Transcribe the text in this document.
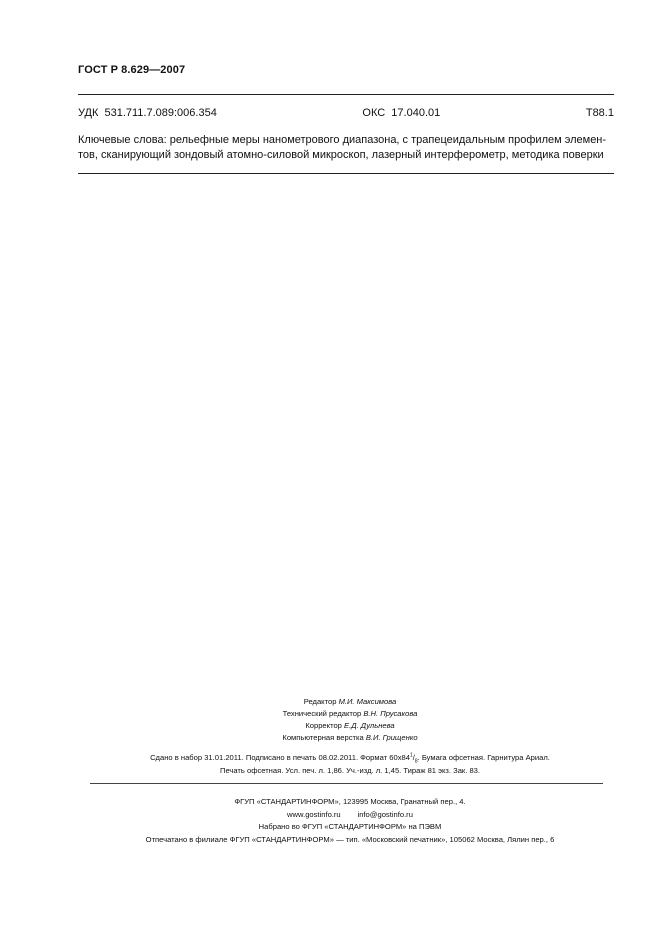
ГОСТ Р 8.629—2007
УДК  531.711.7.089:006.354	ОКС  17.040.01	Т88.1
Ключевые слова: рельефные меры нанометрового диапазона, с трапецеидальным профилем элемен-
тов, сканирующий зондовый атомно-силовой микроскоп, лазерный интерферометр, методика поверки
Редактор М.И. Максимова
Технический редактор В.Н. Прусакова
Корректор Е.Д. Дульнева
Компьютерная верстка В.И. Грищенко
Сдано в набор 31.01.2011. Подписано в печать 08.02.2011. Формат $60х84^1/_8$. Бумага офсетная. Гарнитура Ариал.
Печать офсетная. Усл. печ. л. 1,86. Уч.-изд. л. 1,45. Тираж 81 экз. Зак. 83.
ФГУП «СТАНДАРТИНФОРМ», 123995 Москва, Гранатный пер., 4.
www.gostinfo.ru        info@gostinfo.ru
Набрано во ФГУП «СТАНДАРТИНФОРМ» на ПЭВМ
Отпечатано в филиале ФГУП «СТАНДАРТИНФОРМ» — тип. «Московский печатник», 105062 Москва, Лялин пер., 6
